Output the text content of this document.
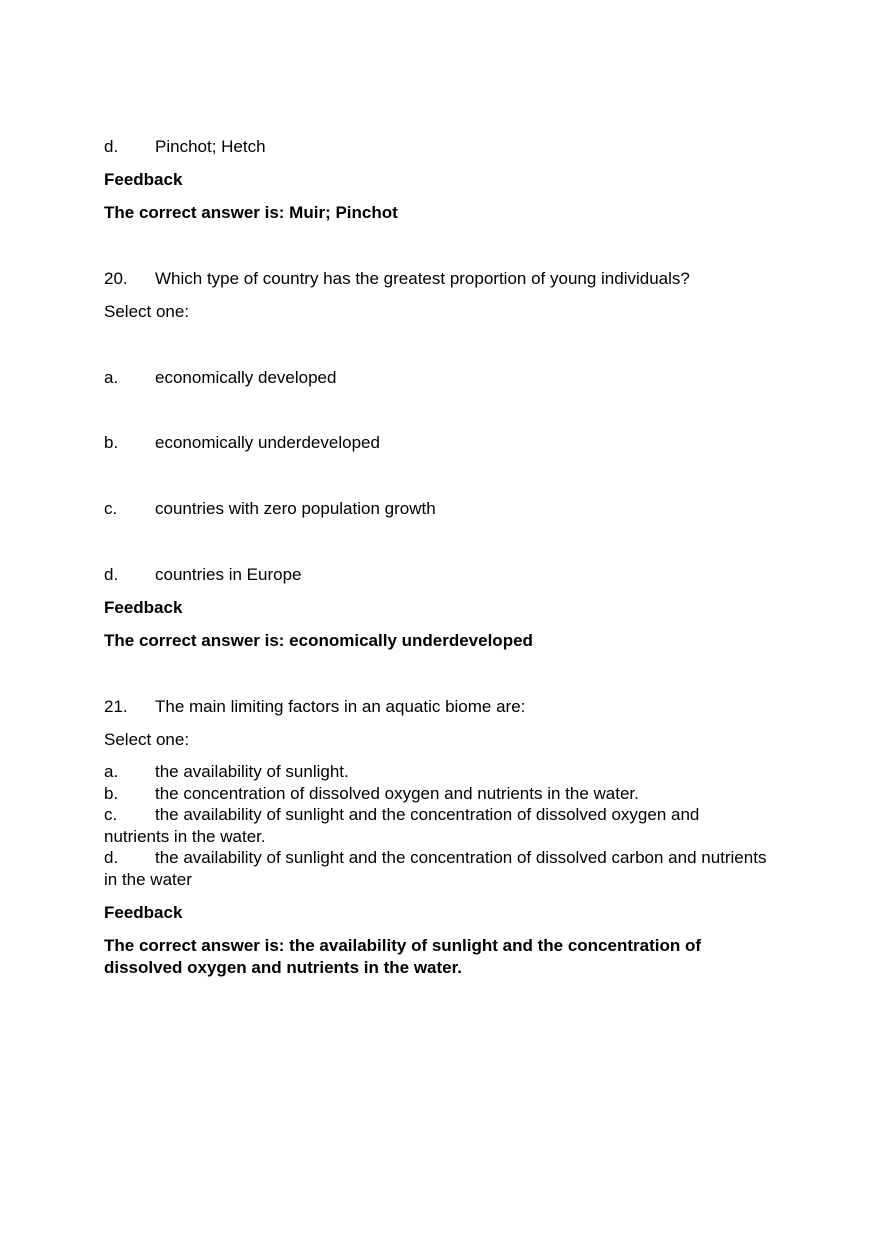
d. Pinchot; Hetch
Feedback
The correct answer is: Muir; Pinchot
20. Which type of country has the greatest proportion of young individuals?
Select one:
a. economically developed
b. economically underdeveloped
c. countries with zero population growth
d. countries in Europe
Feedback
The correct answer is: economically underdeveloped
21. The main limiting factors in an aquatic biome are:
Select one:
a. the availability of sunlight.
b. the concentration of dissolved oxygen and nutrients in the water.
c. the availability of sunlight and the concentration of dissolved oxygen and
nutrients in the water.
d. the availability of sunlight and the concentration of dissolved carbon and nutrients
in the water
Feedback
The correct answer is: the availability of sunlight and the concentration of
dissolved oxygen and nutrients in the water.
